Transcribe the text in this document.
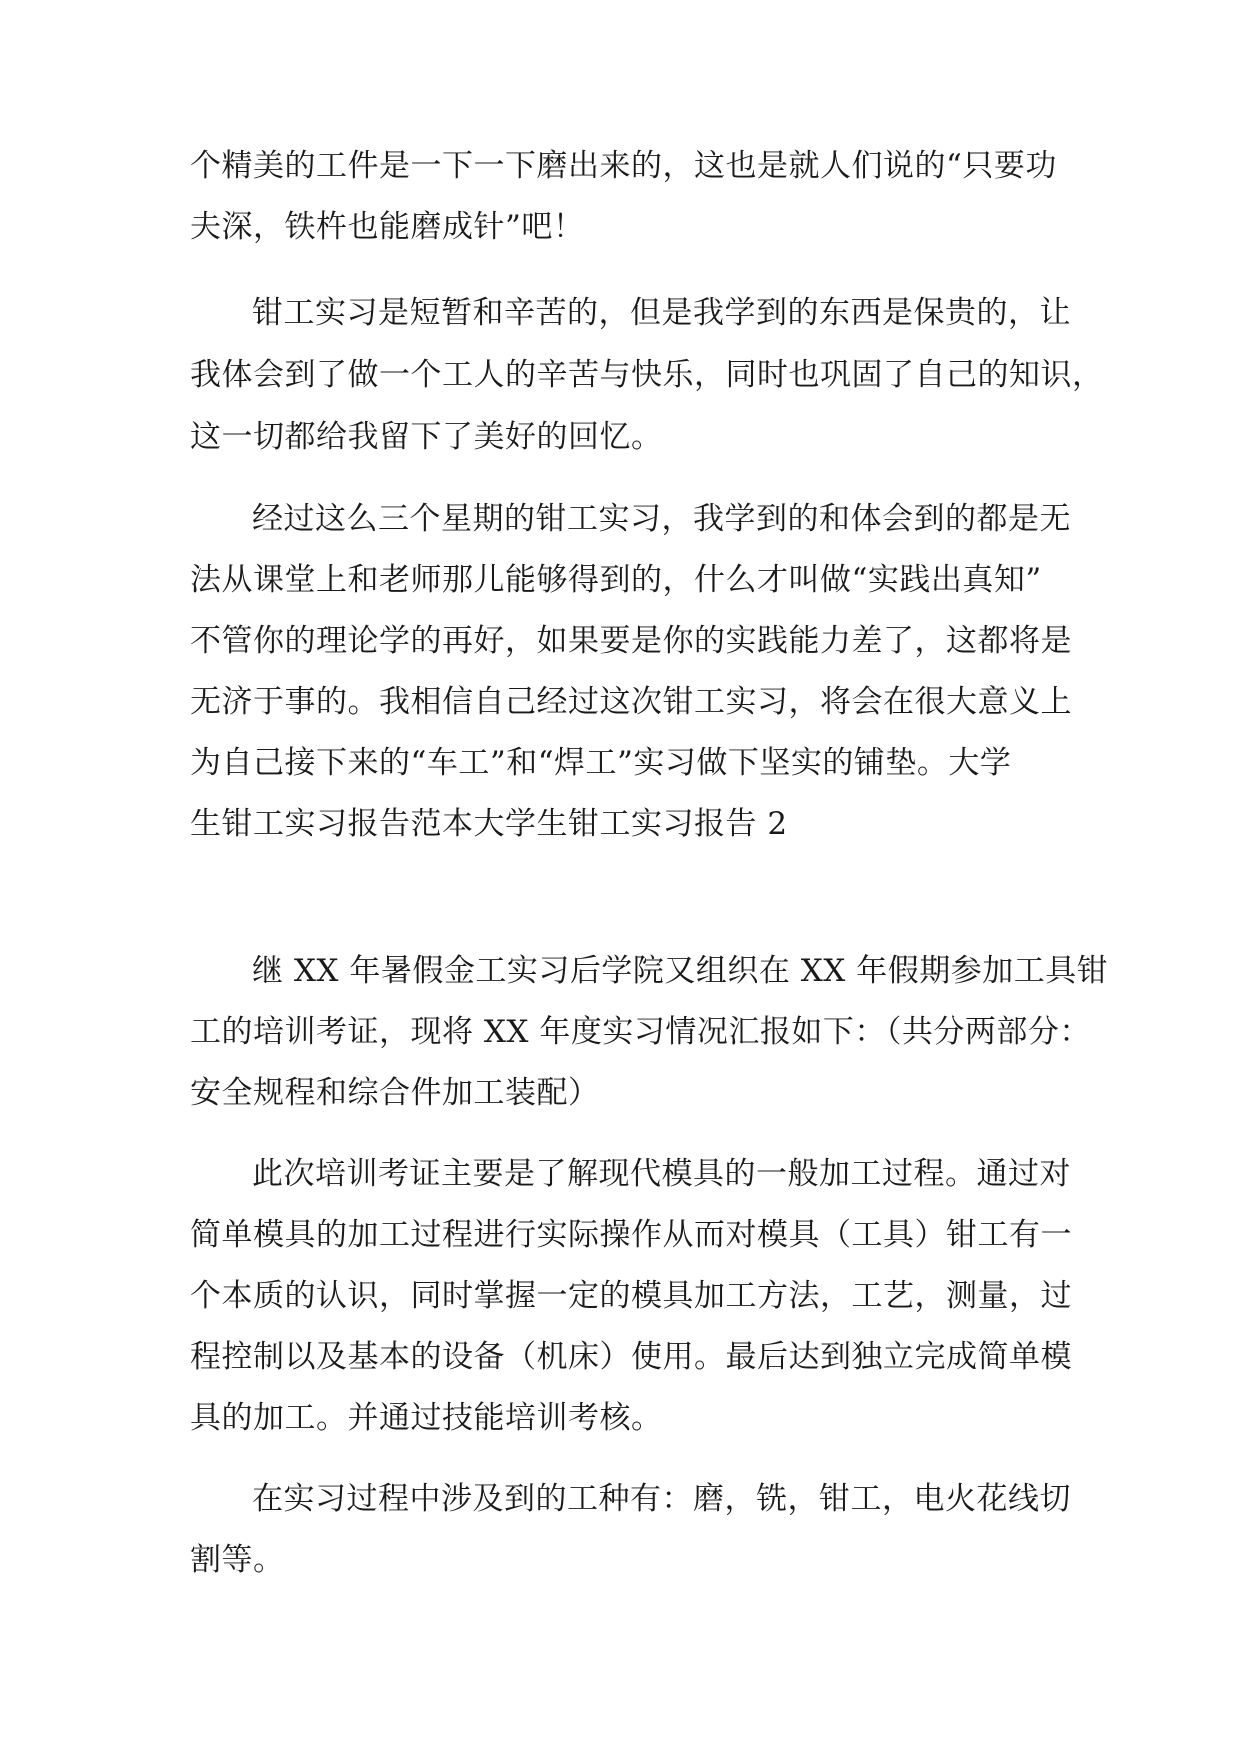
个精美的工件是一下一下磨出来的，这也是就人们说的“只要功
夫深，铁杵也能磨成针”吧！
钳工实习是短暂和辛苦的，但是我学到的东西是保贵的，让
我体会到了做一个工人的辛苦与快乐，同时也巩固了自己的知识，
这一切都给我留下了美好的回忆。
经过这么三个星期的钳工实习，我学到的和体会到的都是无
法从课堂上和老师那儿能够得到的，什么才叫做“实践出真知”
不管你的理论学的再好，如果要是你的实践能力差了，这都将是
无济于事的。我相信自己经过这次钳工实习，将会在很大意义上
为自己接下来的“车工”和“焊工”实习做下坚实的铺垫。大学
生钳工实习报告范本大学生钳工实习报告 2
继 XX 年暑假金工实习后学院又组织在 XX 年假期参加工具钳
工的培训考证，现将 XX 年度实习情况汇报如下：（共分两部分：
安全规程和综合件加工装配）
此次培训考证主要是了解现代模具的一般加工过程。通过对
简单模具的加工过程进行实际操作从而对模具（工具）钳工有一
个本质的认识，同时掌握一定的模具加工方法，工艺，测量，过
程控制以及基本的设备（机床）使用。最后达到独立完成简单模
具的加工。并通过技能培训考核。
在实习过程中涉及到的工种有：磨，铣，钳工，电火花线切
割等。
